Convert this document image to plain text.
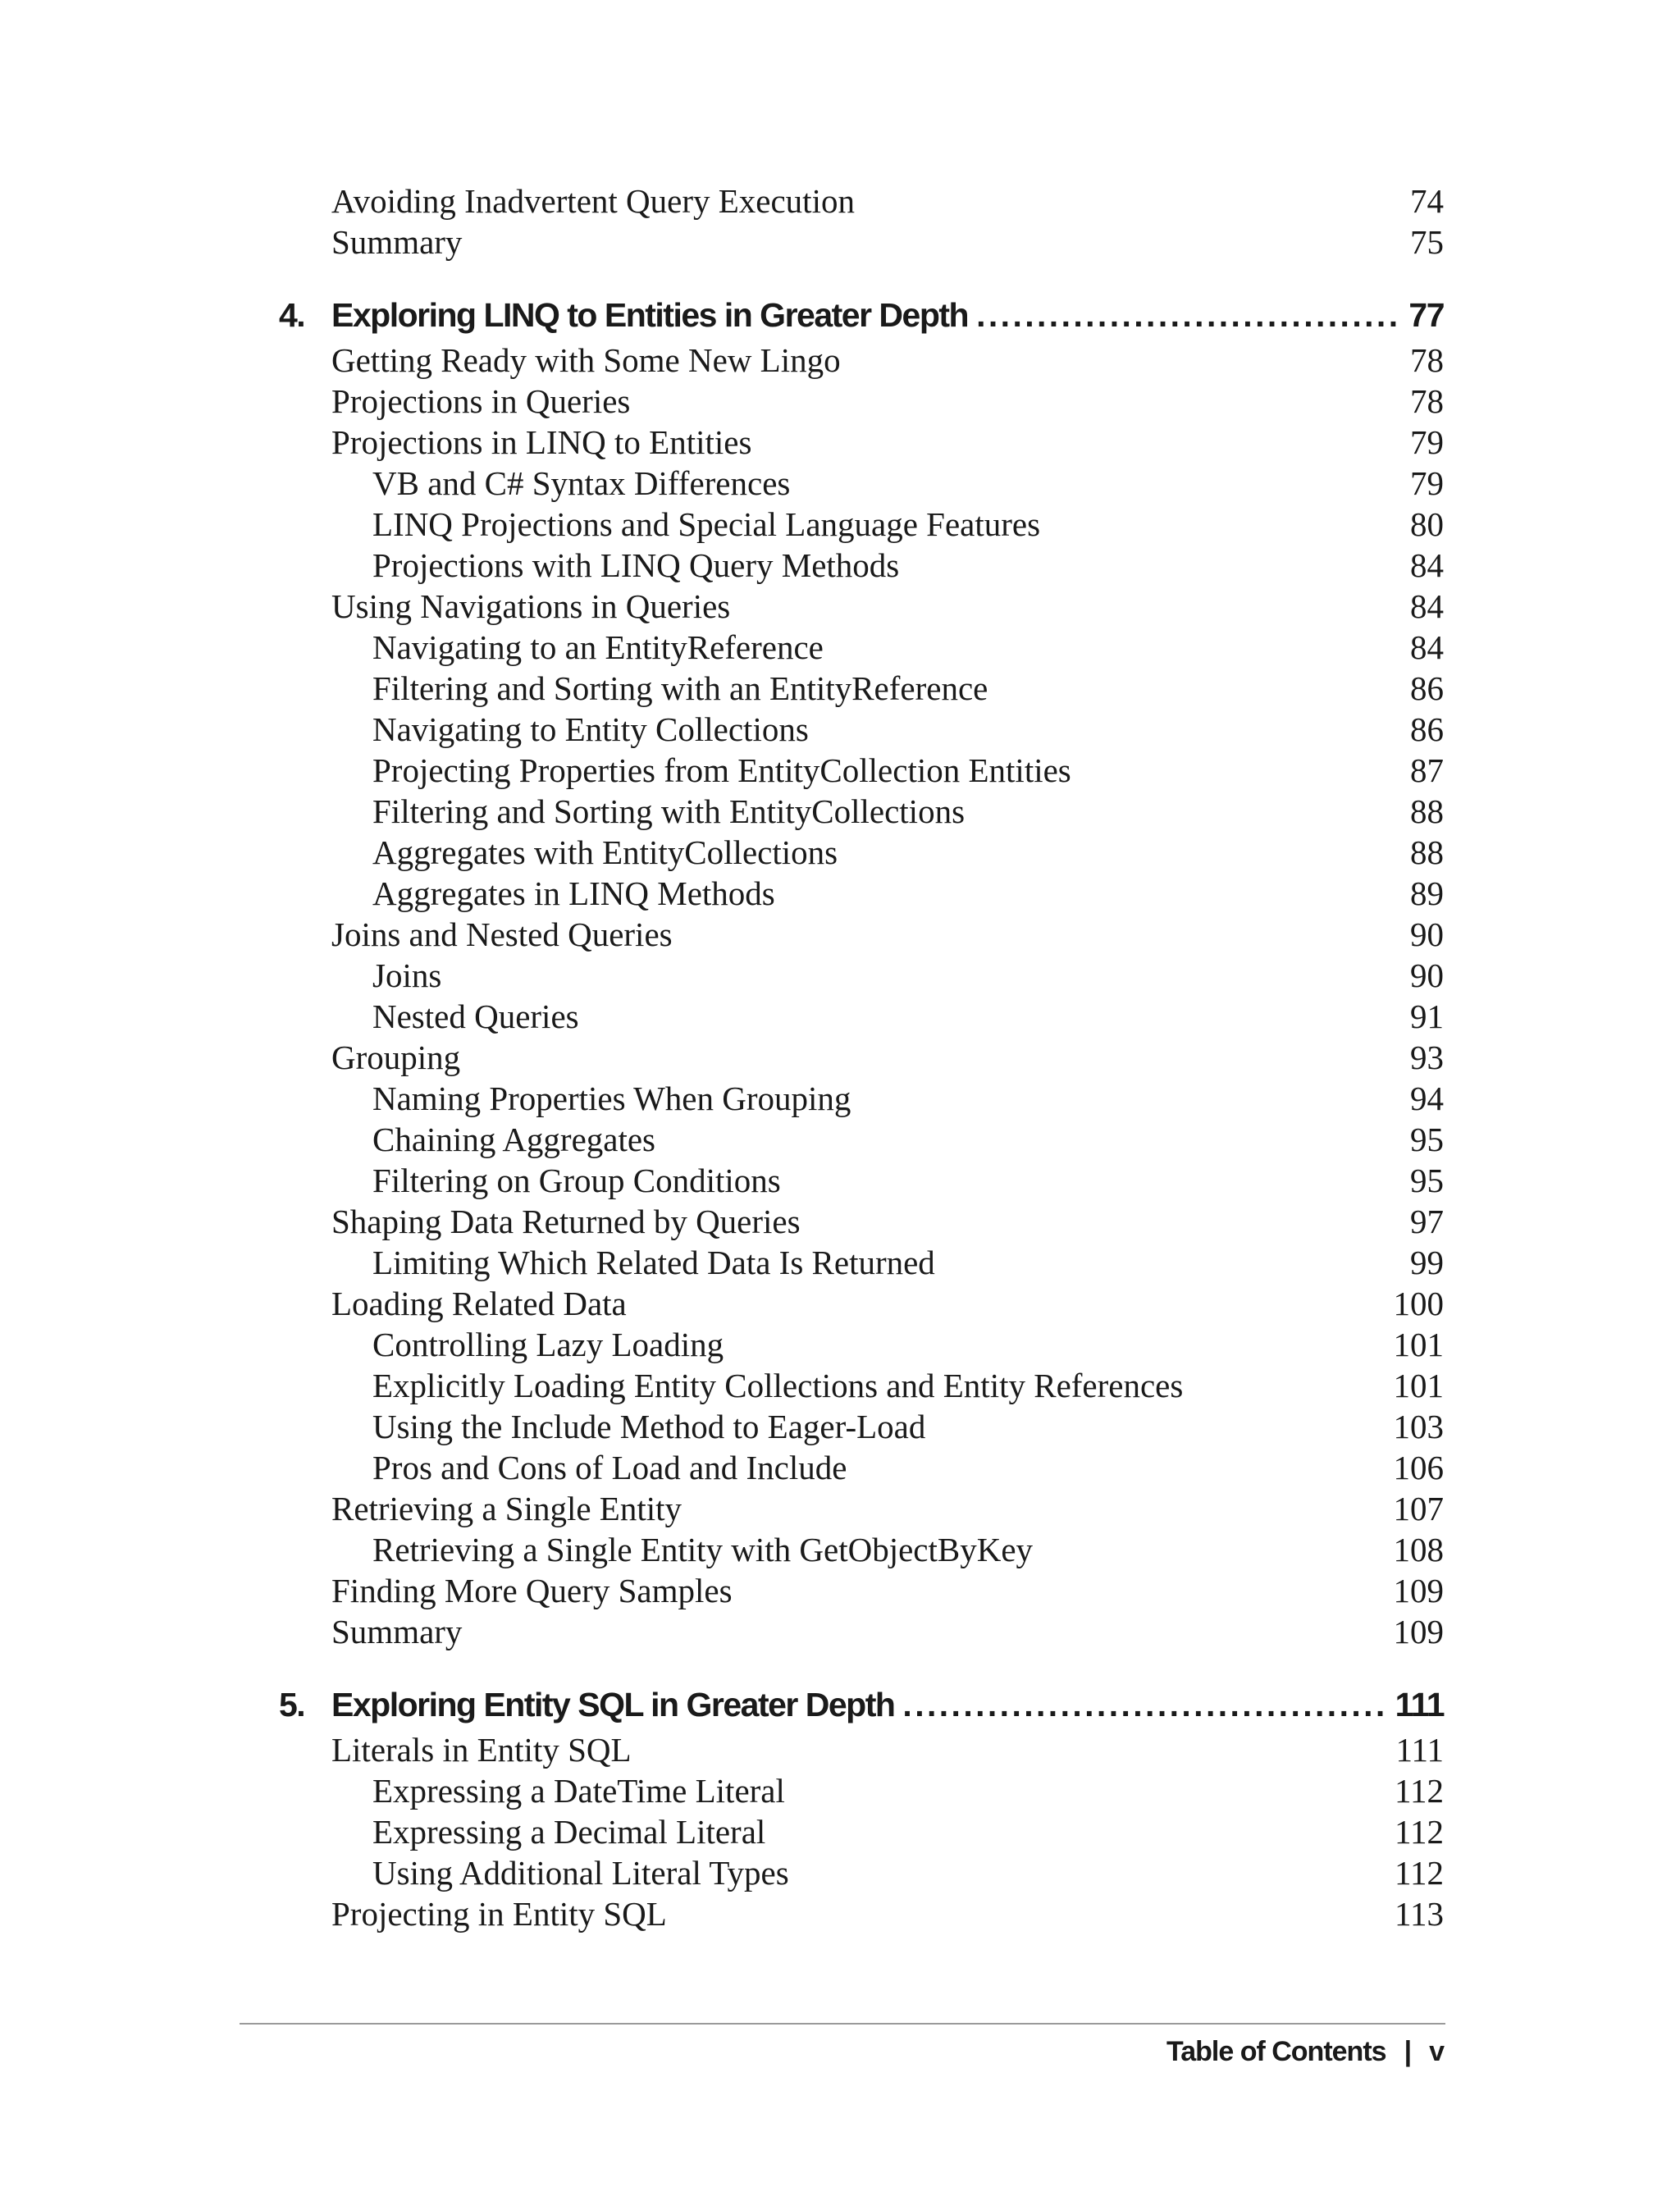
Avoiding Inadvertent Query Execution	74
Summary	75
4. Exploring LINQ to Entities in Greater Depth . . .	77
Getting Ready with Some New Lingo	78
Projections in Queries	78
Projections in LINQ to Entities	79
VB and C# Syntax Differences	79
LINQ Projections and Special Language Features	80
Projections with LINQ Query Methods	84
Using Navigations in Queries	84
Navigating to an EntityReference	84
Filtering and Sorting with an EntityReference	86
Navigating to Entity Collections	86
Projecting Properties from EntityCollection Entities	87
Filtering and Sorting with EntityCollections	88
Aggregates with EntityCollections	88
Aggregates in LINQ Methods	89
Joins and Nested Queries	90
Joins	90
Nested Queries	91
Grouping	93
Naming Properties When Grouping	94
Chaining Aggregates	95
Filtering on Group Conditions	95
Shaping Data Returned by Queries	97
Limiting Which Related Data Is Returned	99
Loading Related Data	100
Controlling Lazy Loading	101
Explicitly Loading Entity Collections and Entity References	101
Using the Include Method to Eager-Load	103
Pros and Cons of Load and Include	106
Retrieving a Single Entity	107
Retrieving a Single Entity with GetObjectByKey	108
Finding More Query Samples	109
Summary	109
5. Exploring Entity SQL in Greater Depth . . .	111
Literals in Entity SQL	111
Expressing a DateTime Literal	112
Expressing a Decimal Literal	112
Using Additional Literal Types	112
Projecting in Entity SQL	113
Table of Contents | v
